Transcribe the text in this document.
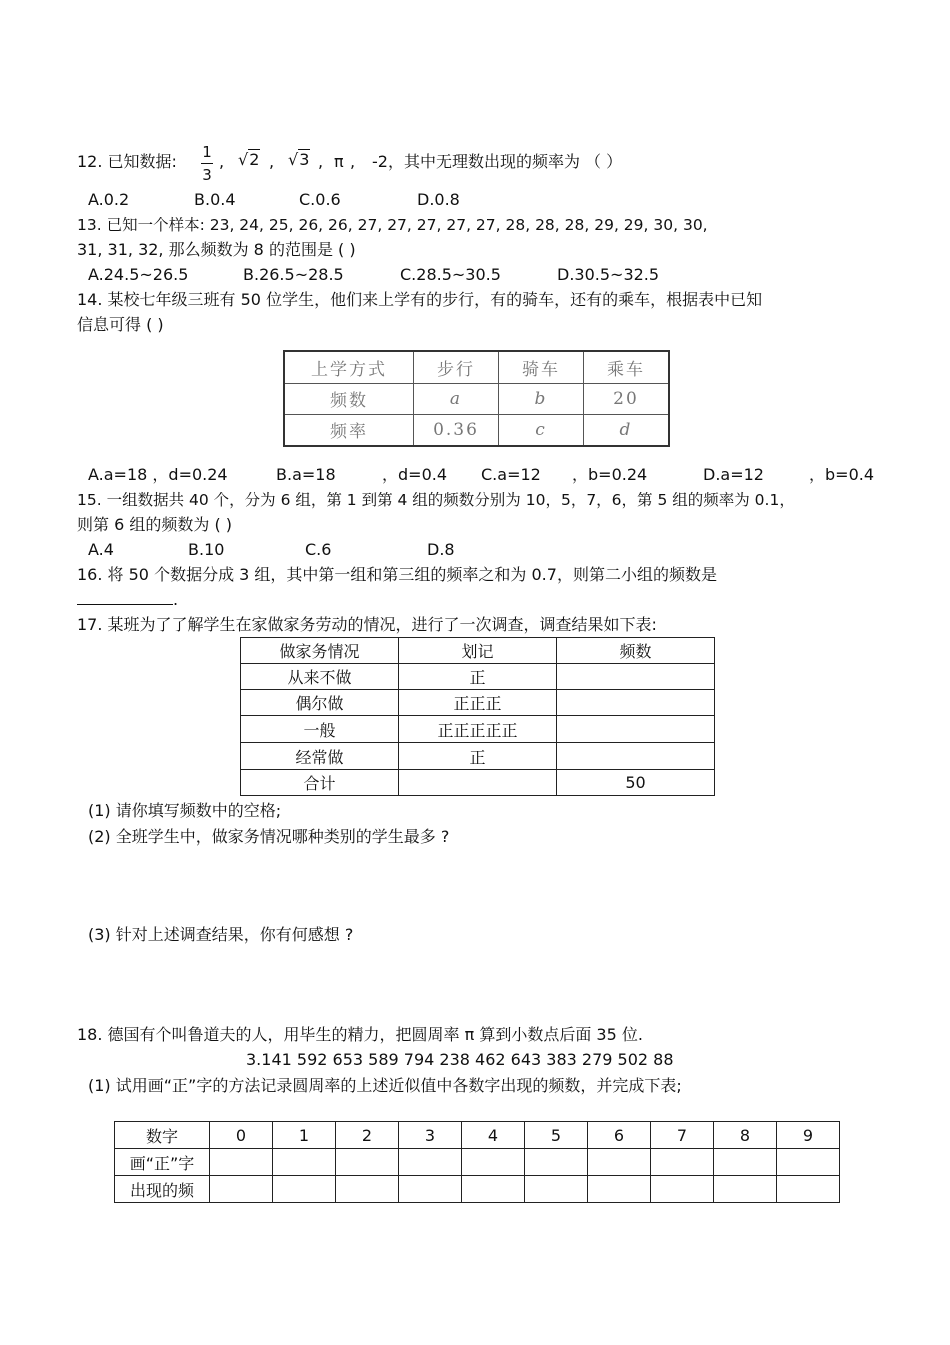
12. 已知数据: 1
3
, √2 , √3 , π , -2，其中无理数出现的频率为 （ ）
A.0.2	B.0.4	C.0.6	D.0.8
13. 已知一个样本: 23, 24, 25, 26, 26, 27, 27, 27, 27, 27, 28, 28, 28, 29, 29, 30, 30,
31, 31, 32, 那么频数为 8 的范围是 ( )
A.24.5~26.5	B.26.5~28.5	C.28.5~30.5	D.30.5~32.5
14. 某校七年级三班有 50 位学生，他们来上学有的步行，有的骑车，还有的乘车，根据表中已知
信息可得 ( )
上学方式	步行	骑车	乘车
频数	a	b	20
频率	0.36	c	d
A.a=18 ，d=0.24	B.a=18	，d=0.4 C.a=12 ，b=0.24	D.a=12	，b=0.4
15. 一组数据共 40 个，分为 6 组，第 1 到第 4 组的频数分别为 10，5，7，6，第 5 组的频率为 0.1，
则第 6 组的频数为 ( )
A.4	B.10	C.6	D.8
16. 将 50 个数据分成 3 组，其中第一组和第三组的频率之和为 0.7，则第二小组的频数是
.
17. 某班为了了解学生在家做家务劳动的情况，进行了一次调查，调查结果如下表:
做家务情况	划记	频数
从来不做	正	
偶尔做	正正正	
一般	正正正正正	
经常做	正	
合计		50
(1) 请你填写频数中的空格;
(2) 全班学生中，做家务情况哪种类别的学生最多 ?
(3) 针对上述调查结果，你有何感想 ?
18. 德国有个叫鲁道夫的人，用毕生的精力，把圆周率 π 算到小数点后面 35 位.
3.141 592 653 589 794 238 462 643 383 279 502 88
(1) 试用画“正”字的方法记录圆周率的上述近似值中各数字出现的频数，并完成下表;
数字	0	1	2	3	4	5	6	7	8	9
画“正”字										
出现的频										
